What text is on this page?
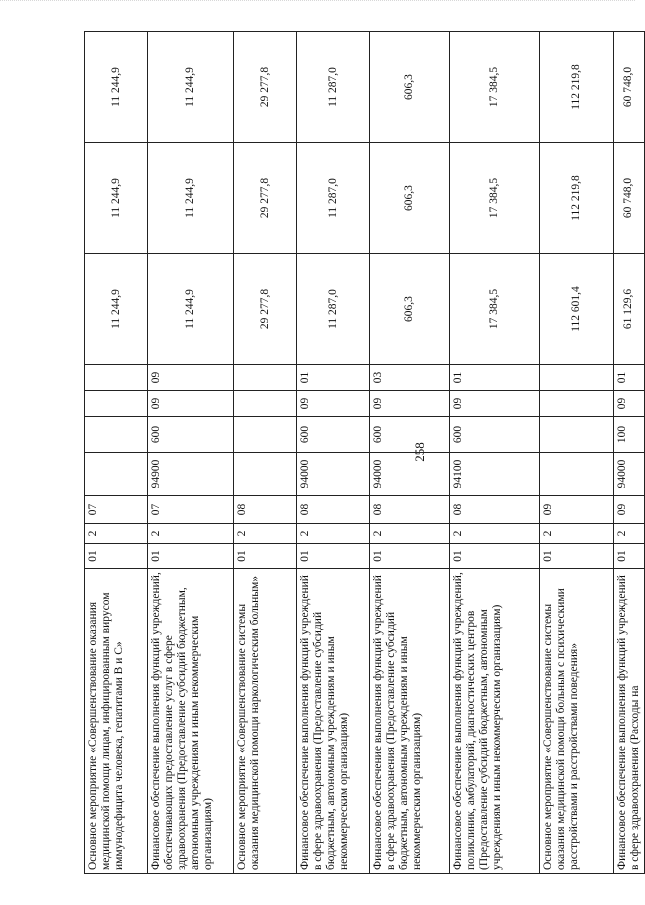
258
Основное мероприятие «Совершенствование оказания медицинской помощи лицам, инфицированным вирусом иммунодефицита человека, гепатитами В и С»	01	2	07					11 244,9	11 244,9	11 244,9
Финансовое обеспечение выполнения функций учреждений, обеспечивающих предоставление услуг в сфере здравоохранения (Предоставление субсидий бюджетным, автономным учреждениям и иным некоммерческим организациям)	01	2	07	94900	600	09	09	11 244,9	11 244,9	11 244,9
Основное мероприятие «Совершенствование системы оказания медицинской помощи наркологическим больным»	01	2	08					29 277,8	29 277,8	29 277,8
Финансовое обеспечение выполнения функций учреждений в сфере здравоохранения (Предоставление субсидий бюджетным, автономным учреждениям и иным некоммерческим организациям)	01	2	08	94000	600	09	01	11 287,0	11 287,0	11 287,0
Финансовое обеспечение выполнения функций учреждений в сфере здравоохранения (Предоставление субсидий бюджетным, автономным учреждениям и иным некоммерческим организациям)	01	2	08	94000	600	09	03	606,3	606,3	606,3
Финансовое обеспечение выполнения функций учреждений, поликлиник, амбулаторий, диагностических центров (Предоставление субсидий бюджетным, автономным учреждениям и иным некоммерческим организациям)	01	2	08	94100	600	09	01	17 384,5	17 384,5	17 384,5
Основное мероприятие «Совершенствование системы оказания медицинской помощи больным с психическими расстройствами и расстройствами поведения»	01	2	09					112 601,4	112 219,8	112 219,8
Финансовое обеспечение выполнения функций учреждений в сфере здравоохранения (Расходы на	01	2	09	94000	100	09	01	61 129,6	60 748,0	60 748,0
